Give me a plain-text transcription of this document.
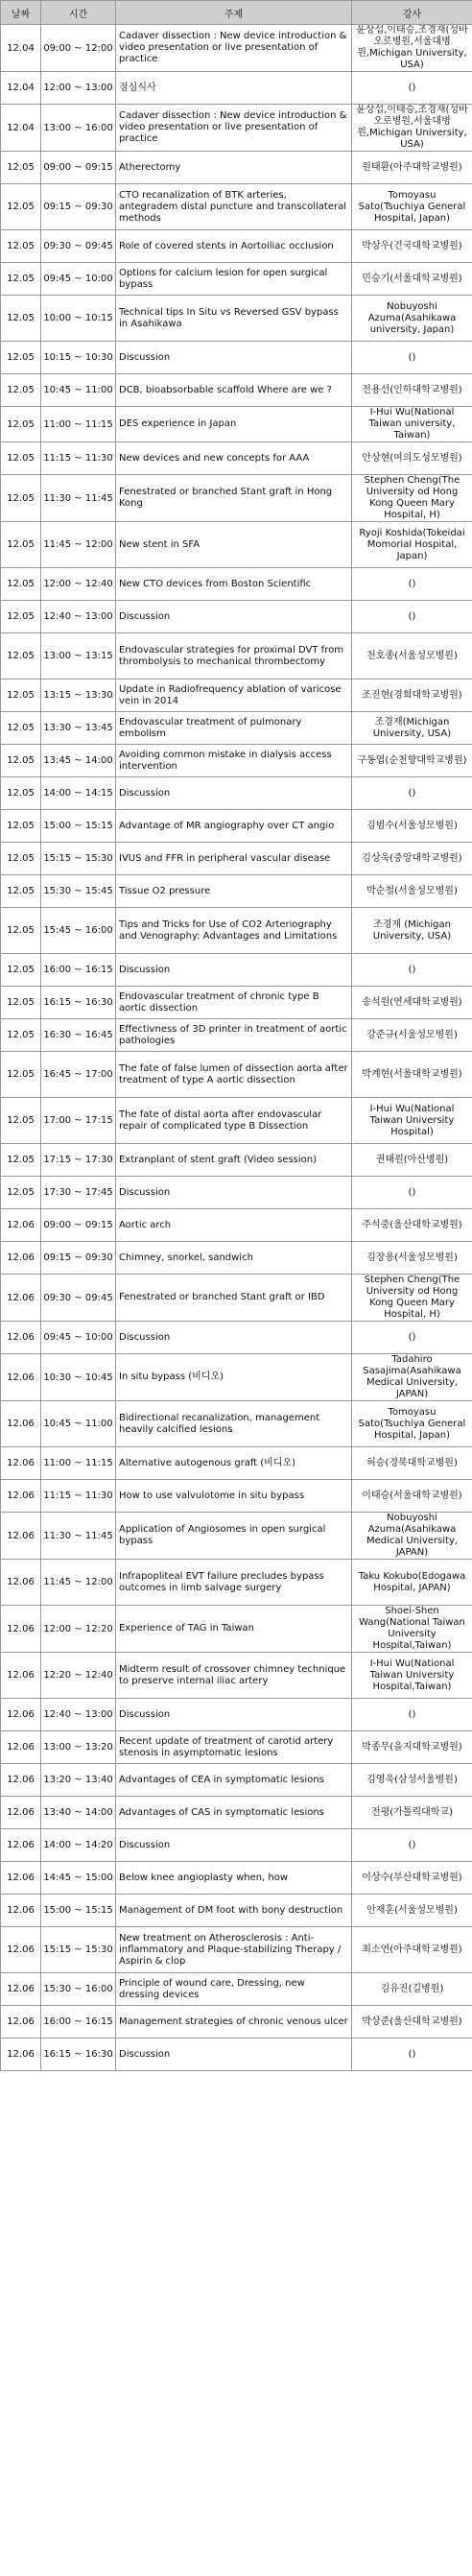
날짜	시간	주제	강사
12.04	09:00 ~ 12:00	Cadaver dissection : New device introduction & video presentation or live presentation of practice	윤상섭,이태승,조경재(성바오로병원,서울대병원,Michigan University, USA)
12.04	12:00 ~ 13:00	점심식사	()
12.04	13:00 ~ 16:00	Cadaver dissection : New device introduction & video presentation or live presentation of practice	윤상섭,이태승,조경재(성바오로병원,서울대병원,Michigan University, USA)
12.05	09:00 ~ 09:15	Atherectomy	원태환(아주대학교병원)
12.05	09:15 ~ 09:30	CTO recanalization of BTK arteries, antegradem distal puncture and transcollateral methods	Tomoyasu Sato(Tsuchiya General Hospital, Japan)
12.05	09:30 ~ 09:45	Role of covered stents in Aortoiliac occlusion	박상우(건국대학교병원)
12.05	09:45 ~ 10:00	Options for calcium lesion for open surgical bypass	민승기(서울대학교병원)
12.05	10:00 ~ 10:15	Technical tips In Situ vs Reversed GSV bypass in Asahikawa	Nobuyoshi Azuma(Asahikawa university, Japan)
12.05	10:15 ~ 10:30	Discussion	()
12.05	10:45 ~ 11:00	DCB, bioabsorbable scaffold Where are we ?	전용선(인하대학교병원)
12.05	11:00 ~ 11:15	DES experience in Japan	I-Hui Wu(National Taiwan university, Taiwan)
12.05	11:15 ~ 11:30	New devices and new concepts for AAA	안상현(여의도성모병원)
12.05	11:30 ~ 11:45	Fenestrated or branched Stant graft in Hong Kong	Stephen Cheng(The University od Hong Kong Queen Mary Hospital, H)
12.05	11:45 ~ 12:00	New stent in SFA	Ryoji Koshida(Tokeidai Momorial Hospital, Japan)
12.05	12:00 ~ 12:40	New CTO devices from Boston Scientific	()
12.05	12:40 ~ 13:00	Discussion	()
12.05	13:00 ~ 13:15	Endovascular strategies for proximal DVT from thrombolysis to mechanical thrombectomy	천호종(서울성모병원)
12.05	13:15 ~ 13:30	Update in Radiofrequency ablation of varicose vein in 2014	조진현(경희대학교병원)
12.05	13:30 ~ 13:45	Endovascular treatment of pulmonary embolism	조경재(Michigan University, USA)
12.05	13:45 ~ 14:00	Avoiding common mistake in dialysis access intervention	구동엽(순천향대학교병원)
12.05	14:00 ~ 14:15	Discussion	()
12.05	15:00 ~ 15:15	Advantage of MR angiography over CT angio	김범수(서울성모병원)
12.05	15:15 ~ 15:30	IVUS and FFR in peripheral vascular disease	김상욱(중앙대학교병원)
12.05	15:30 ~ 15:45	Tissue O2 pressure	박순철(서울성모병원)
12.05	15:45 ~ 16:00	Tips and Tricks for Use of CO2 Arteriography and Venography: Advantages and Limitations	조경재 (Michigan University, USA)
12.05	16:00 ~ 16:15	Discussion	()
12.05	16:15 ~ 16:30	Endovascular treatment of chronic type B aortic dissection	송석원(연세대학교병원)
12.05	16:30 ~ 16:45	Effectivness of 3D printer in treatment of aortic pathologies	강준규(서울성모병원)
12.05	16:45 ~ 17:00	The fate of false lumen of dissection aorta after treatment of type A aortic dissection	박계현(서울대학교병원)
12.05	17:00 ~ 17:15	The fate of distal aorta after endovascular repair of complicated type B Dissection	I-Hui Wu(National Taiwan University Hospital)
12.05	17:15 ~ 17:30	Extranplant of stent graft (Video session)	권태원(아산병원)
12.05	17:30 ~ 17:45	Discussion	()
12.06	09:00 ~ 09:15	Aortic arch	주석중(울산대학교병원)
12.06	09:15 ~ 09:30	Chimney, snorkel, sandwich	김장용(서울성모병원)
12.06	09:30 ~ 09:45	Fenestrated or branched Stant graft or IBD	Stephen Cheng(The University od Hong Kong Queen Mary Hospital, H)
12.06	09:45 ~ 10:00	Discussion	()
12.06	10:30 ~ 10:45	In situ bypass (비디오)	Tadahiro Sasajima(Asahikawa Medical University, JAPAN)
12.06	10:45 ~ 11:00	Bidirectional recanalization, management heavily calcified lesions	Tomoyasu Sato(Tsuchiya General Hospital, Japan)
12.06	11:00 ~ 11:15	Alternative autogenous graft (비디오)	허승(경북대학교병원)
12.06	11:15 ~ 11:30	How to use valvulotome in situ bypass	이태승(서울대학교병원)
12.06	11:30 ~ 11:45	Application of Angiosomes in open surgical bypass	Nobuyoshi Azuma(Asahikawa Medical University, JAPAN)
12.06	11:45 ~ 12:00	Infrapopliteal EVT failure precludes bypass outcomes in limb salvage surgery	Taku Kokubo(Edogawa Hospital, JAPAN)
12.06	12:00 ~ 12:20	Experience of TAG in Taiwan	Shoei-Shen Wang(National Taiwan University Hospital,Taiwan)
12.06	12:20 ~ 12:40	Midterm result of crossover chimney technique to preserve internal iliac artery	I-Hui Wu(National Taiwan University Hospital,Taiwan)
12.06	12:40 ~ 13:00	Discussion	()
12.06	13:00 ~ 13:20	Recent update of treatment of carotid artery stenosis in asymptomatic lesions	박종무(을지대학교병원)
12.06	13:20 ~ 13:40	Advantages of CEA in symptomatic lesions	김영욱(삼성서울병원)
12.06	13:40 ~ 14:00	Advantages of CAS in symptomatic lesions	전평(가톨릭대학교)
12.06	14:00 ~ 14:20	Discussion	()
12.06	14:45 ~ 15:00	Below knee angioplasty when, how	이상수(부산대학교병원)
12.06	15:00 ~ 15:15	Management of DM foot with bony destruction	안재훈(서울성모병원)
12.06	15:15 ~ 15:30	New treatment on Atherosclerosis : Anti-inflammatory and Plaque-stabilizing Therapy / Aspirin & clop	최소연(아주대학교병원)
12.06	15:30 ~ 16:00	Principle of wound care, Dressing, new dressing devices	김유진(길병원)
12.06	16:00 ~ 16:15	Management strategies of chronic venous ulcer	박상준(울산대학교병원)
12.06	16:15 ~ 16:30	Discussion	()
